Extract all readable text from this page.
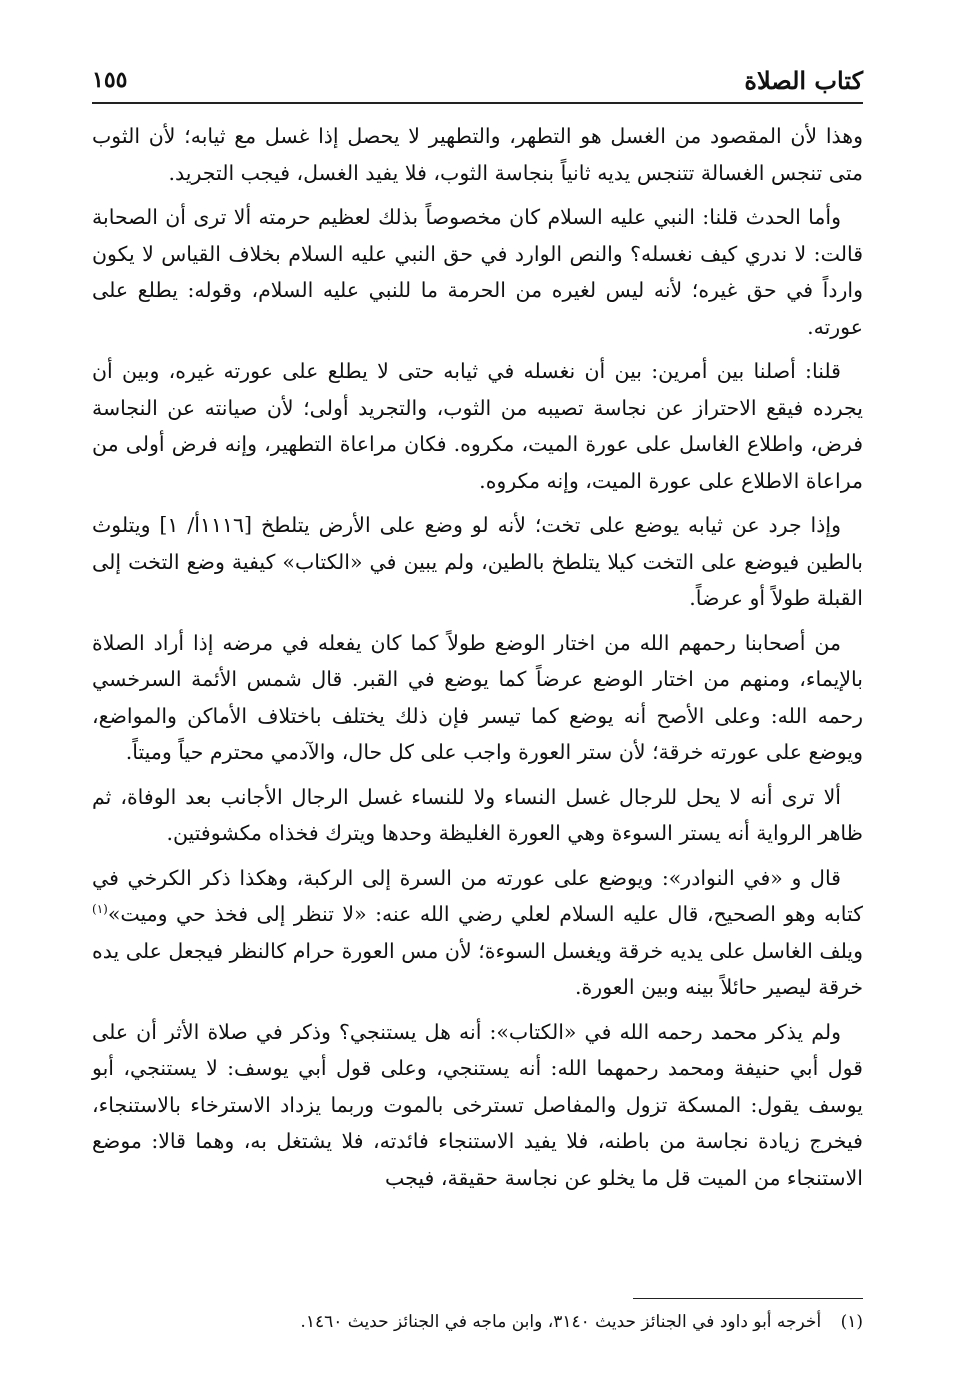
١٥٥	كتاب الصلاة

وهذا لأن المقصود من الغسل هو التطهر، والتطهير لا يحصل إذا غسل مع ثيابه؛ لأن الثوب متى تنجس الغسالة تتنجس يديه ثانياً بنجاسة الثوب، فلا يفيد الغسل، فيجب التجريد.

وأما الحدث قلنا: النبي عليه السلام كان مخصوصاً بذلك لعظيم حرمته ألا ترى أن الصحابة قالت: لا ندري كيف نغسله؟ والنص الوارد في حق النبي عليه السلام بخلاف القياس لا يكون وارداً في حق غيره؛ لأنه ليس لغيره من الحرمة ما للنبي عليه السلام، وقوله: يطلع على عورته.

قلنا: أصلنا بين أمرين: بين أن نغسله في ثيابه حتى لا يطلع على عورته غيره، وبين أن يجرده فيقع الاحتراز عن نجاسة تصيبه من الثوب، والتجريد أولى؛ لأن صيانته عن النجاسة فرض، واطلاع الغاسل على عورة الميت، مكروه. فكان مراعاة التطهير، وإنه فرض أولى من مراعاة الاطلاع على عورة الميت، وإنه مكروه.

وإذا جرد عن ثيابه يوضع على تخت؛ لأنه لو وضع على الأرض يتلطخ [١١١٦أ/ ١] ويتلوث بالطين فيوضع على التخت كيلا يتلطخ بالطين، ولم يبين في «الكتاب» كيفية وضع التخت إلى القبلة طولاً أو عرضاً.

من أصحابنا رحمهم الله من اختار الوضع طولاً كما كان يفعله في مرضه إذا أراد الصلاة بالإيماء، ومنهم من اختار الوضع عرضاً كما يوضع في القبر. قال شمس الأئمة السرخسي رحمه الله: وعلى الأصح أنه يوضع كما تيسر فإن ذلك يختلف باختلاف الأماكن والمواضع، ويوضع على عورته خرقة؛ لأن ستر العورة واجب على كل حال، والآدمي محترم حياً وميتاً.

ألا ترى أنه لا يحل للرجال غسل النساء ولا للنساء غسل الرجال الأجانب بعد الوفاة، ثم ظاهر الرواية أنه يستر السوءة وهي العورة الغليظة وحدها ويترك فخذاه مكشوفتين.

قال و «في النوادر»: ويوضع على عورته من السرة إلى الركبة، وهكذا ذكر الكرخي في كتابه وهو الصحيح، قال عليه السلام لعلي رضي الله عنه: «لا تنظر إلى فخذ حي وميت»$^{(١)}$ ويلف الغاسل على يديه خرقة ويغسل السوءة؛ لأن مس العورة حرام كالنظر فيجعل على يده خرقة ليصير حائلاً بينه وبين العورة.

ولم يذكر محمد رحمه الله في «الكتاب»: أنه هل يستنجي؟ وذكر في صلاة الأثر أن على قول أبي حنيفة ومحمد رحمهما الله: أنه يستنجي، وعلى قول أبي يوسف: لا يستنجي، أبو يوسف يقول: المسكة تزول والمفاصل تسترخى بالموت وربما يزداد الاسترخاء بالاستنجاء، فيخرج زيادة نجاسة من باطنه، فلا يفيد الاستنجاء فائدته، فلا يشتغل به، وهما قالا: موضع الاستنجاء من الميت قل ما يخلو عن نجاسة حقيقة، فيجب

(١) أخرجه أبو داود في الجنائز حديث ٣١٤٠، وابن ماجه في الجنائز حديث ١٤٦٠.
